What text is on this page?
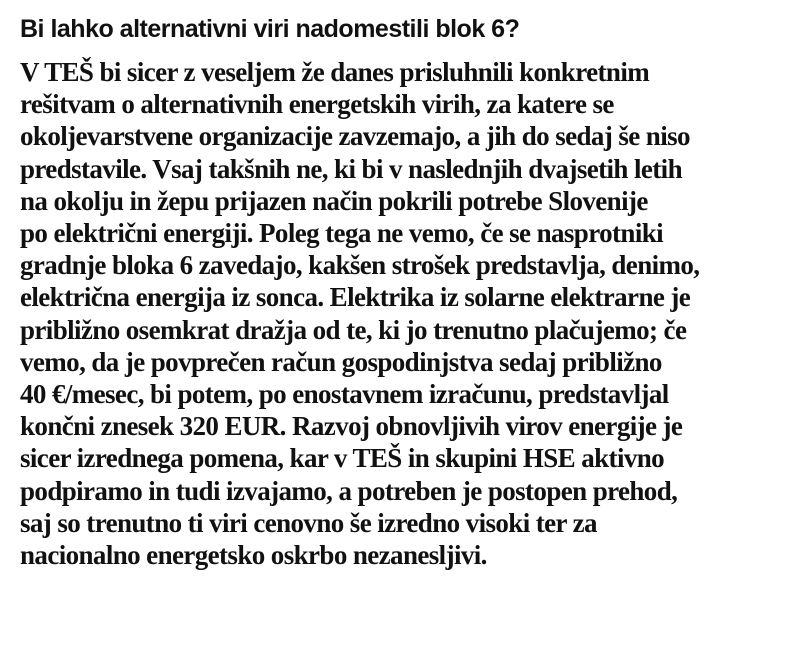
Bi lahko alternativni viri nadomestili blok 6?
V TEŠ bi sicer z veseljem že danes prisluhnili konkretnim
rešitvam o alternativnih energetskih virih, za katere se
okoljevarstvene organizacije zavzemajo, a jih do sedaj še niso
predstavile. Vsaj takšnih ne, ki bi v naslednjih dvajsetih letih
na okolju in žepu prijazen način pokrili potrebe Slovenije
po električni energiji. Poleg tega ne vemo, če se nasprotniki
gradnje bloka 6 zavedajo, kakšen strošek predstavlja, denimo,
električna energija iz sonca. Elektrika iz solarne elektrarne je
približno osemkrat dražja od te, ki jo trenutno plačujemo; če
vemo, da je povprečen račun gospodinjstva sedaj približno
40 €/mesec, bi potem, po enostavnem izračunu, predstavljal
končni znesek 320 EUR. Razvoj obnovljivih virov energije je
sicer izrednega pomena, kar v TEŠ in skupini HSE aktivno
podpiramo in tudi izvajamo, a potreben je postopen prehod,
saj so trenutno ti viri cenovno še izredno visoki ter za
nacionalno energetsko oskrbo nezanesljivi.
